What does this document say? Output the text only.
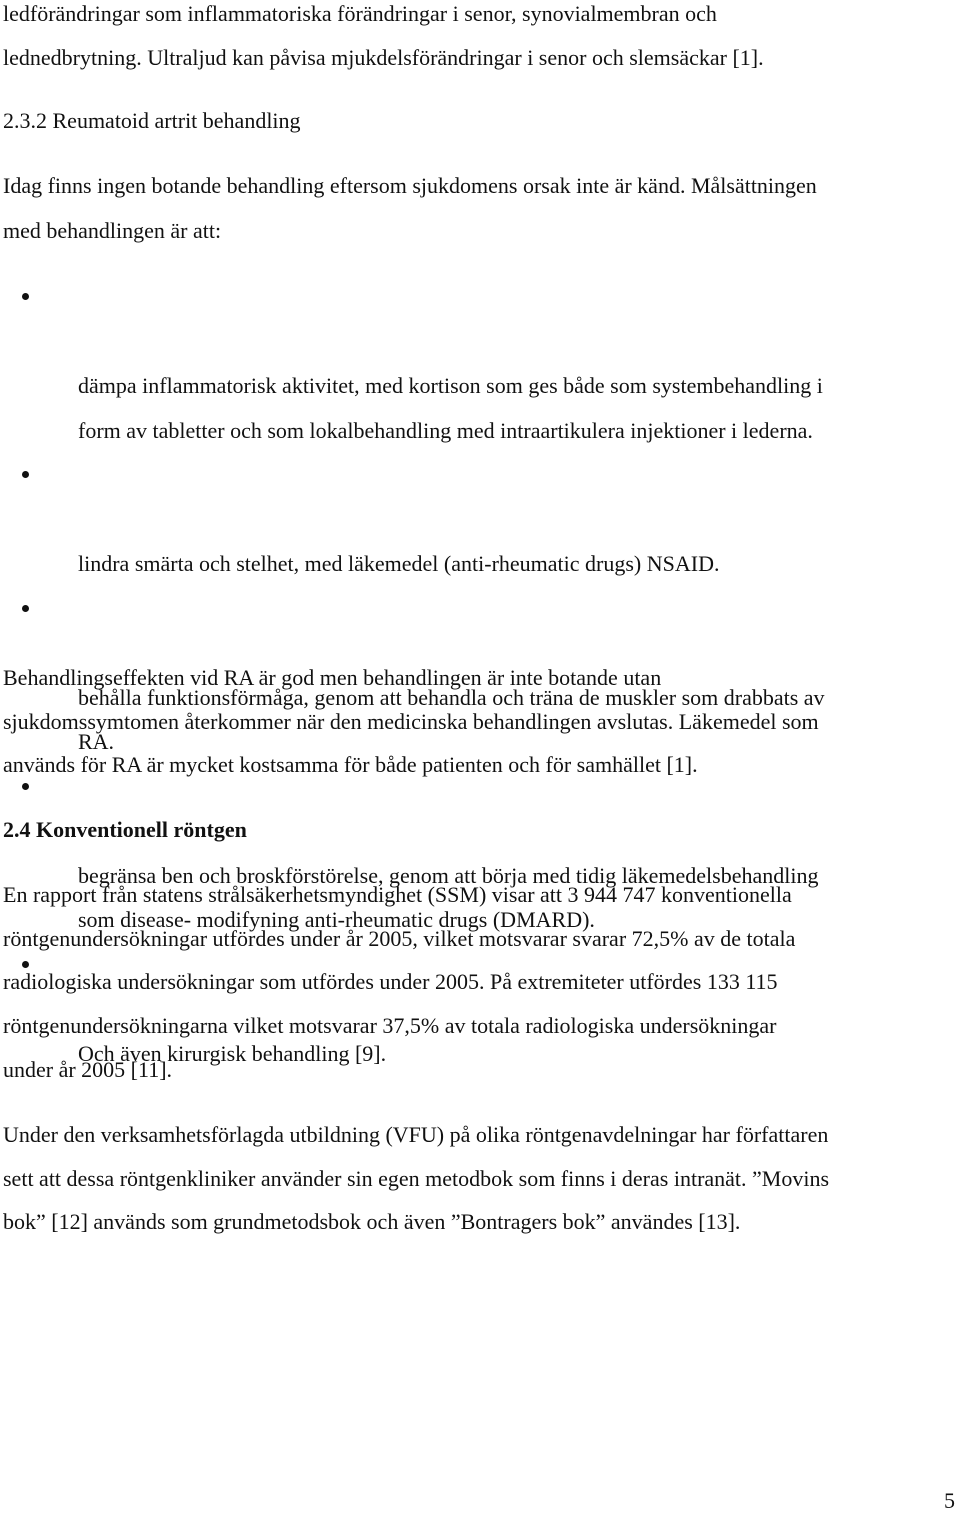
ledförändringar som inflammatoriska förändringar i senor, synovialmembran och
lednedbrytning. Ultraljud kan påvisa mjukdelsförändringar i senor och slemsäckar [1].

2.3.2 Reumatoid artrit behandling

Idag finns ingen botande behandling eftersom sjukdomens orsak inte är känd. Målsättningen
med behandlingen är att:

dämpa inflammatorisk aktivitet, med kortison som ges både som systembehandling i
form av tabletter och som lokalbehandling med intraartikulera injektioner i lederna.

lindra smärta och stelhet, med läkemedel (anti-rheumatic drugs) NSAID.

behålla funktionsförmåga, genom att behandla och träna de muskler som drabbats av
RA.

begränsa ben och broskförstörelse, genom att börja med tidig läkemedelsbehandling
som disease- modifyning anti-rheumatic drugs (DMARD).

Och även kirurgisk behandling [9].

Behandlingseffekten vid RA är god men behandlingen är inte botande utan
sjukdomssymtomen återkommer när den medicinska behandlingen avslutas. Läkemedel som
används för RA är mycket kostsamma för både patienten och för samhället [1].

2.4 Konventionell röntgen

En rapport från statens strålsäkerhetsmyndighet (SSM) visar att 3 944 747 konventionella
röntgenundersökningar utfördes under år 2005, vilket motsvarar svarar 72,5% av de totala
radiologiska undersökningar som utfördes under 2005. På extremiteter utfördes 133 115
röntgenundersökningarna vilket motsvarar 37,5% av totala radiologiska undersökningar
under år 2005 [11].

Under den verksamhetsförlagda utbildning (VFU) på olika röntgenavdelningar har författaren
sett att dessa röntgenkliniker använder sin egen metodbok som finns i deras intranät. ”Movins
bok” [12] används som grundmetodsbok och även ”Bontragers bok” användes [13].

5
